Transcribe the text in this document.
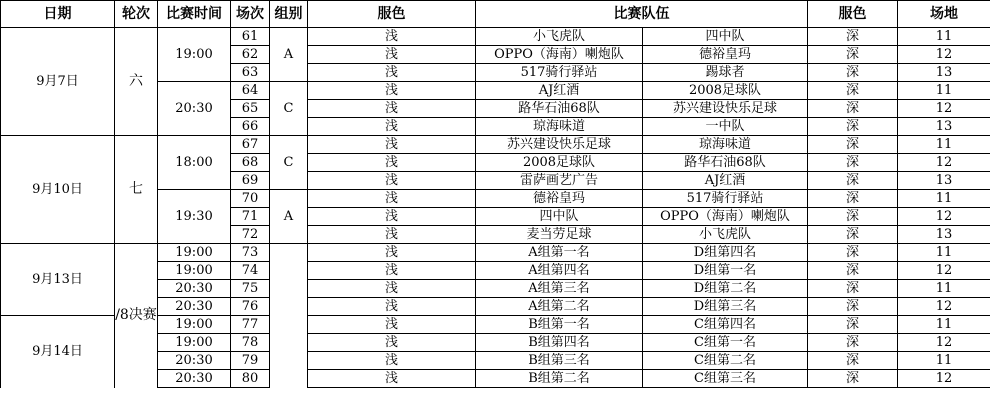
日期	轮次	比赛时间	场次	组别	服色	比赛队伍		服色	场地
9月7日	六	19:00	61	A	浅	小飞虎队	四中队	深	11
			62		浅	OPPO（海南）喇炮队	德裕皇玛	深	12
			63		浅	517骑行驿站	踢球者	深	13
		20:30	64	C	浅	AJ红酒	2008足球队	深	11
			65		浅	路华石油68队	苏兴建设快乐足球	深	12
			66		浅	琼海味道	一中队	深	13
9月10日	七	18:00	67	C	浅	苏兴建设快乐足球	琼海味道	深	11
			68		浅	2008足球队	路华石油68队	深	12
			69		浅	雷萨画艺广告	AJ红酒	深	13
		19:30	70	A	浅	德裕皇玛	517骑行驿站	深	11
			71		浅	四中队	OPPO（海南）喇炮队	深	12
			72		浅	麦当劳足球	小飞虎队	深	13
9月13日	/8决赛	19:00	73		浅	A组第一名	D组第四名	深	11
		19:00	74		浅	A组第四名	D组第一名	深	12
		20:30	75		浅	A组第三名	D组第二名	深	11
		20:30	76		浅	A组第二名	D组第三名	深	12
9月14日		19:00	77		浅	B组第一名	C组第四名	深	11
		19:00	78		浅	B组第四名	C组第一名	深	12
		20:30	79		浅	B组第三名	C组第二名	深	11
		20:30	80		浅	B组第二名	C组第三名	深	12
